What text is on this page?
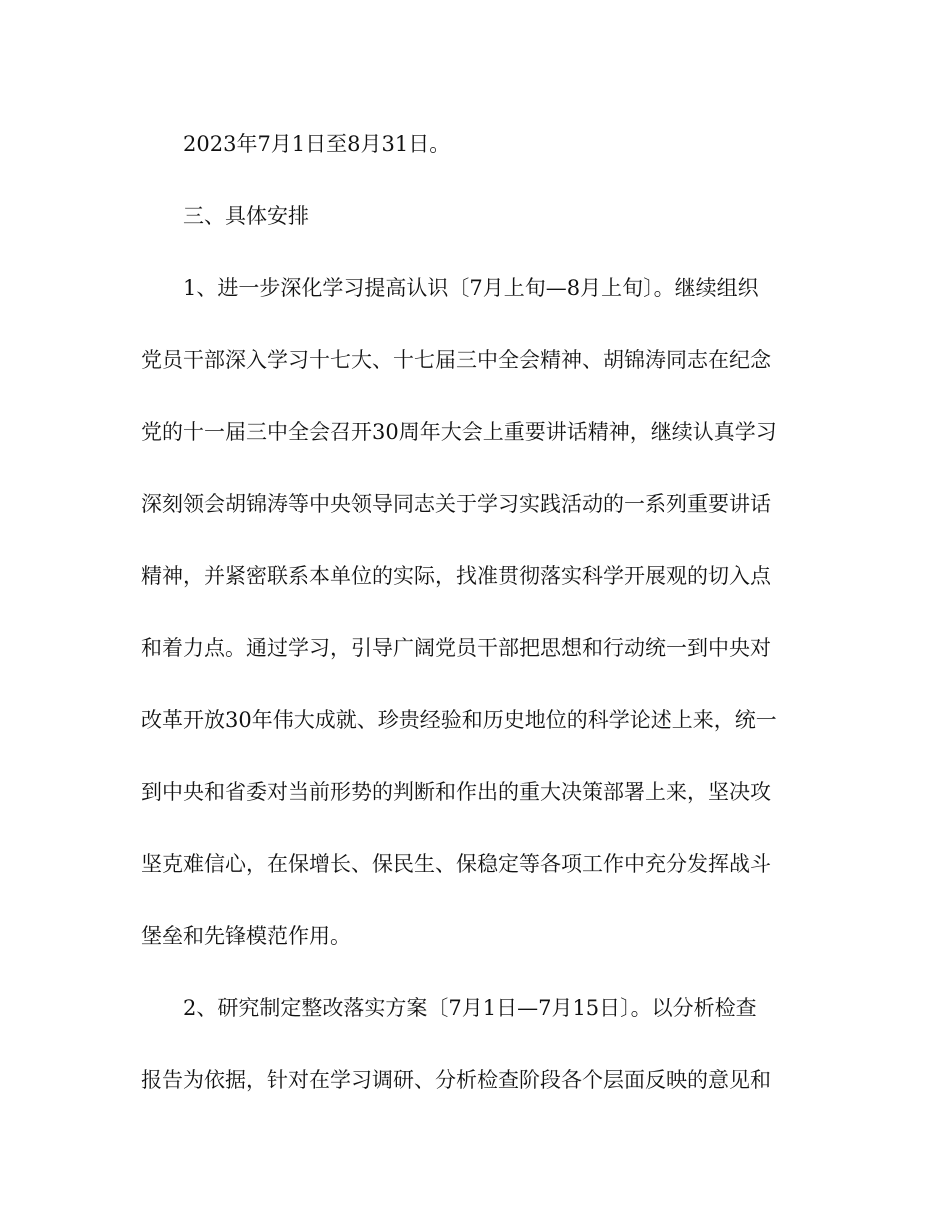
2023年7月1日至8月31日。
三、具体安排
1、进一步深化学习提高认识〔7月上旬—8月上旬〕。继续组织
党员干部深入学习十七大、十七届三中全会精神、胡锦涛同志在纪念
党的十一届三中全会召开30周年大会上重要讲话精神，继续认真学习
深刻领会胡锦涛等中央领导同志关于学习实践活动的一系列重要讲话
精神，并紧密联系本单位的实际，找准贯彻落实科学开展观的切入点
和着力点。通过学习，引导广阔党员干部把思想和行动统一到中央对
改革开放30年伟大成就、珍贵经验和历史地位的科学论述上来，统一
到中央和省委对当前形势的判断和作出的重大决策部署上来，坚决攻
坚克难信心，在保增长、保民生、保稳定等各项工作中充分发挥战斗
堡垒和先锋模范作用。
2、研究制定整改落实方案〔7月1日—7月15日〕。以分析检查
报告为依据，针对在学习调研、分析检查阶段各个层面反映的意见和
